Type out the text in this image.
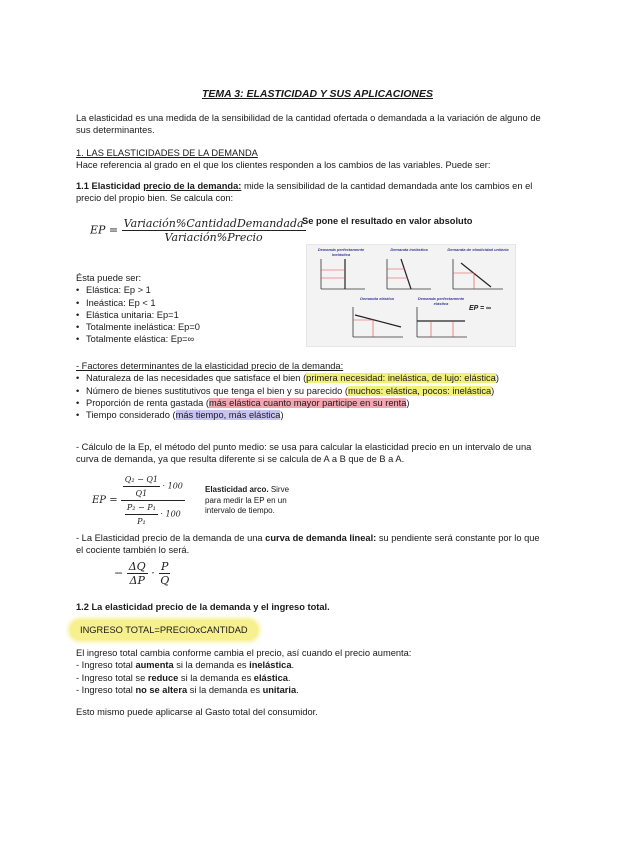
TEMA 3: ELASTICIDAD Y SUS APLICACIONES
La elasticidad es una medida de la sensibilidad de la cantidad ofertada o demandada a la variación de alguno de sus determinantes.
1. LAS ELASTICIDADES DE LA DEMANDA
Hace referencia al grado en el que los clientes responden a los cambios de las variables. Puede ser:
1.1 Elasticidad precio de la demanda: mide la sensibilidad de la cantidad demandada ante los cambios en el precio del propio bien. Se calcula con:
EP = $\frac{\text{Variación\%CantidadDemandada}}{\text{Variación\%Precio}}$
Se pone el resultado en valor absoluto
Ésta puede ser:
• Elástica: Ep > 1
• Ineástica: Ep < 1
• Elástica unitaria: Ep=1
• Totalmente inelástica: Ep=0
• Totalmente elástica: Ep=∞
Demanda perfectamente inelástica
Demanda inelástica	Demanda de elasticidad unitaria
Demanda elástica	Demanda perfectamente elástica
EP = ∞
- Factores determinantes de la elasticidad precio de la demanda:
• Naturaleza de las necesidades que satisface el bien (primera necesidad: inelástica, de lujo: elástica)
• Número de bienes sustitutivos que tenga el bien y su parecido (muchos: elástica, pocos: inelástica)
• Proporción de renta gastada (más elástica cuanto mayor participe en su renta)
• Tiempo considerado (más tiempo, más elástica)
- Cálculo de la Ep, el método del punto medio: se usa para calcular la elasticidad precio en un intervalo de una curva de demanda, ya que resulta diferente si se calcula de A a B que de B a A.
EP = $\frac{\frac{\text{Q₂ − Q1}}{Q1} \cdot 100}{\frac{\text{P₂ − P₁}}{\text{P₁}} \cdot 100}$	Elasticidad arco. Sirve para medir la EP en un intervalo de tiempo.
- La Elasticidad precio de la demanda de una curva de demanda lineal: su pendiente será constante por lo que el cociente también lo será.
− $\frac{\Delta Q}{\Delta P} \cdot \frac{P}{Q}$
1.2 La elasticidad precio de la demanda y el ingreso total.
INGRESO TOTAL=PRECIOxCANTIDAD
El ingreso total cambia conforme cambia el precio, así cuando el precio aumenta:
- Ingreso total aumenta si la demanda es inelástica.
- Ingreso total se reduce si la demanda es elástica.
- Ingreso total no se altera si la demanda es unitaria.
Esto mismo puede aplicarse al Gasto total del consumidor.
